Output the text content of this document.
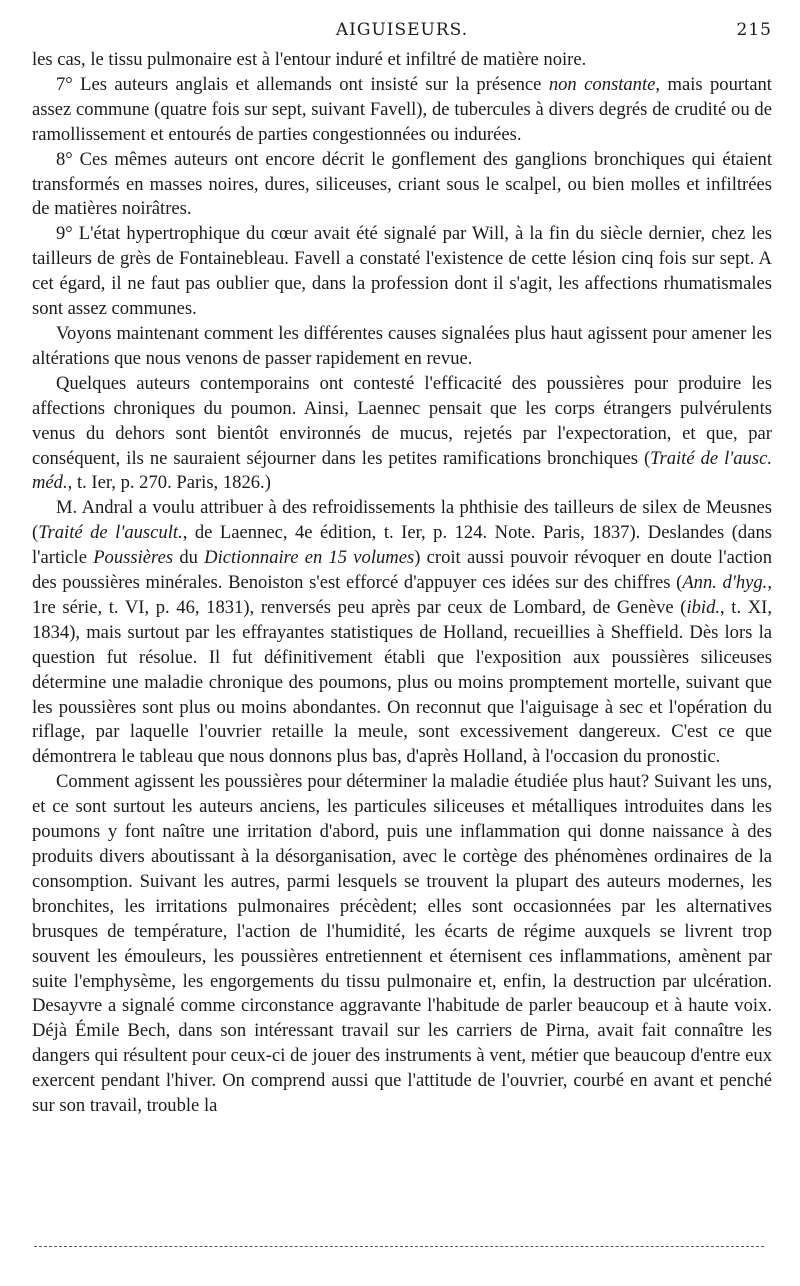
AIGUISEURS.	215

les cas, le tissu pulmonaire est à l'entour induré et infiltré de matière noire.

7° Les auteurs anglais et allemands ont insisté sur la présence non constante, mais pourtant assez commune (quatre fois sur sept, suivant Favell), de tubercules à divers degrés de crudité ou de ramollissement et entourés de parties congestionnées ou indurées.

8° Ces mêmes auteurs ont encore décrit le gonflement des ganglions bronchiques qui étaient transformés en masses noires, dures, siliceuses, criant sous le scalpel, ou bien molles et infiltrées de matières noirâtres.

9° L'état hypertrophique du cœur avait été signalé par Will, à la fin du siècle dernier, chez les tailleurs de grès de Fontainebleau. Favell a constaté l'existence de cette lésion cinq fois sur sept. A cet égard, il ne faut pas oublier que, dans la profession dont il s'agit, les affections rhumatismales sont assez communes.

Voyons maintenant comment les différentes causes signalées plus haut agissent pour amener les altérations que nous venons de passer rapidement en revue.

Quelques auteurs contemporains ont contesté l'efficacité des poussières pour produire les affections chroniques du poumon. Ainsi, Laennec pensait que les corps étrangers pulvérulents venus du dehors sont bientôt environnés de mucus, rejetés par l'expectoration, et que, par conséquent, ils ne sauraient séjourner dans les petites ramifications bronchiques (Traité de l'ausc. méd., t. Ier, p. 270. Paris, 1826.)

M. Andral a voulu attribuer à des refroidissements la phthisie des tailleurs de silex de Meusnes (Traité de l'auscult., de Laennec, 4e édition, t. Ier, p. 124. Note. Paris, 1837). Deslandes (dans l'article Poussières du Dictionnaire en 15 volumes) croit aussi pouvoir révoquer en doute l'action des poussières minérales. Benoiston s'est efforcé d'appuyer ces idées sur des chiffres (Ann. d'hyg., 1re série, t. VI, p. 46, 1831), renversés peu après par ceux de Lombard, de Genève (ibid., t. XI, 1834), mais surtout par les effrayantes statistiques de Holland, recueillies à Sheffield. Dès lors la question fut résolue. Il fut définitivement établi que l'exposition aux poussières siliceuses détermine une maladie chronique des poumons, plus ou moins promptement mortelle, suivant que les poussières sont plus ou moins abondantes. On reconnut que l'aiguisage à sec et l'opération du riflage, par laquelle l'ouvrier retaille la meule, sont excessivement dangereux. C'est ce que démontrera le tableau que nous donnons plus bas, d'après Holland, à l'occasion du pronostic.

Comment agissent les poussières pour déterminer la maladie étudiée plus haut? Suivant les uns, et ce sont surtout les auteurs anciens, les particules siliceuses et métalliques introduites dans les poumons y font naître une irritation d'abord, puis une inflammation qui donne naissance à des produits divers aboutissant à la désorganisation, avec le cortège des phénomènes ordinaires de la consomption. Suivant les autres, parmi lesquels se trouvent la plupart des auteurs modernes, les bronchites, les irritations pulmonaires précèdent; elles sont occasionnées par les alternatives brusques de température, l'action de l'humidité, les écarts de régime auxquels se livrent trop souvent les émouleurs, les poussières entretiennent et éternisent ces inflammations, amènent par suite l'emphysème, les engorgements du tissu pulmonaire et, enfin, la destruction par ulcération. Desayvre a signalé comme circonstance aggravante l'habitude de parler beaucoup et à haute voix. Déjà Émile Bech, dans son intéressant travail sur les carriers de Pirna, avait fait connaître les dangers qui résultent pour ceux-ci de jouer des instruments à vent, métier que beaucoup d'entre eux exercent pendant l'hiver. On comprend aussi que l'attitude de l'ouvrier, courbé en avant et penché sur son travail, trouble la
